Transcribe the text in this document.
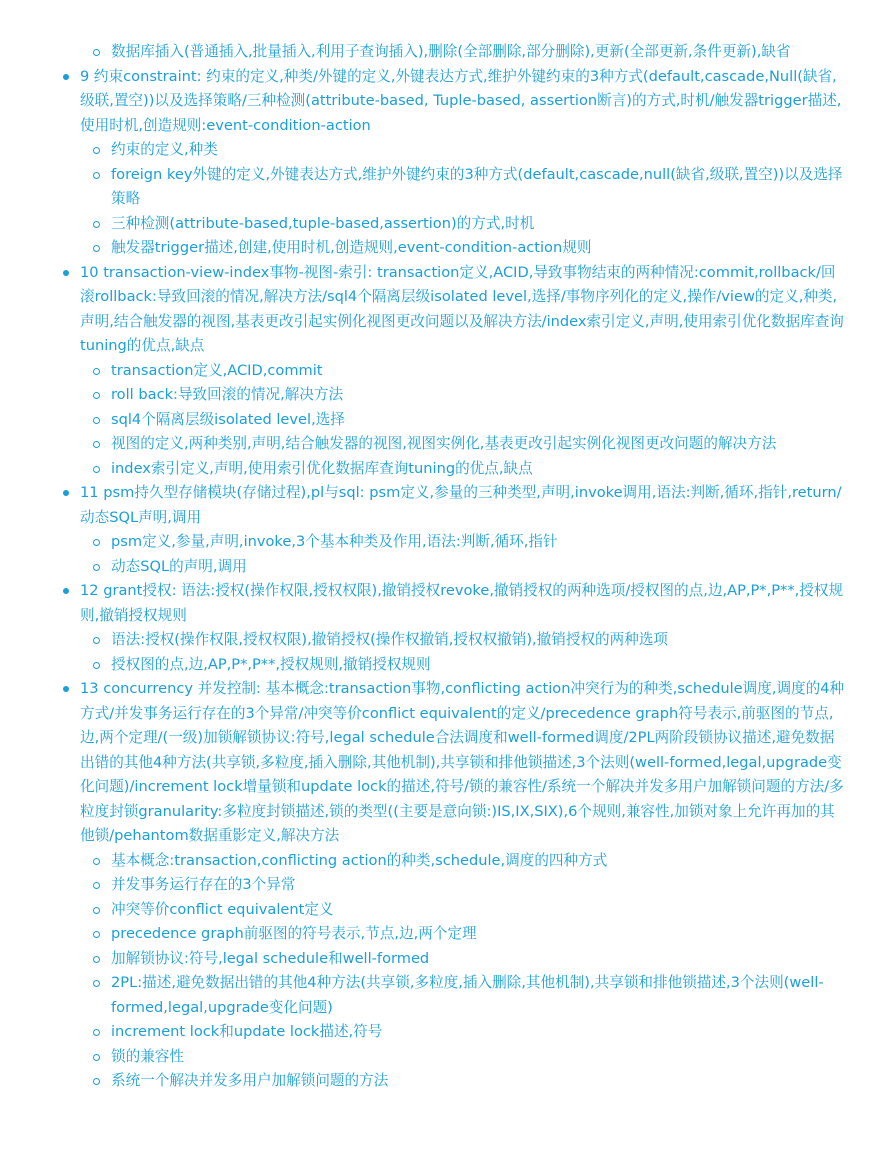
数据库插入(普通插入,批量插入,利用子查询插入),删除(全部删除,部分删除),更新(全部更新,条件更新),缺省
9 约束constraint: 约束的定义,种类/外键的定义,外键表达方式,维护外键约束的3种方式(default,cascade,Null(缺省,级联,置空))以及选择策略/三种检测(attribute-based, Tuple-based, assertion断言)的方式,时机/触发器trigger描述,使用时机,创造规则:event-condition-action
约束的定义,种类
foreign key外键的定义,外键表达方式,维护外键约束的3种方式(default,cascade,null(缺省,级联,置空))以及选择策略
三种检测(attribute-based,tuple-based,assertion)的方式,时机
触发器trigger描述,创建,使用时机,创造规则,event-condition-action规则
10 transaction-view-index事物-视图-索引: transaction定义,ACID,导致事物结束的两种情况:commit,rollback/回滚rollback:导致回滚的情况,解决方法/sql4个隔离层级isolated level,选择/事物序列化的定义,操作/view的定义,种类,声明,结合触发器的视图,基表更改引起实例化视图更改问题以及解决方法/index索引定义,声明,使用索引优化数据库查询tuning的优点,缺点
transaction定义,ACID,commit
roll back:导致回滚的情况,解决方法
sql4个隔离层级isolated level,选择
视图的定义,两种类别,声明,结合触发器的视图,视图实例化,基表更改引起实例化视图更改问题的解决方法
index索引定义,声明,使用索引优化数据库查询tuning的优点,缺点
11 psm持久型存储模块(存储过程),pl与sql: psm定义,参量的三种类型,声明,invoke调用,语法:判断,循环,指针,return/动态SQL声明,调用
psm定义,参量,声明,invoke,3个基本种类及作用,语法:判断,循环,指针
动态SQL的声明,调用
12 grant授权: 语法:授权(操作权限,授权权限),撤销授权revoke,撤销授权的两种选项/授权图的点,边,AP,P*,P**,授权规则,撤销授权规则
语法:授权(操作权限,授权权限),撤销授权(操作权撤销,授权权撤销),撤销授权的两种选项
授权图的点,边,AP,P*,P**,授权规则,撤销授权规则
13 concurrency 并发控制: 基本概念:transaction事物,conflicting action冲突行为的种类,schedule调度,调度的4种方式/并发事务运行存在的3个异常/冲突等价conflict equivalent的定义/precedence graph符号表示,前驱图的节点,边,两个定理/(一级)加锁解锁协议:符号,legal schedule合法调度和well-formed调度/2PL两阶段锁协议描述,避免数据出错的其他4种方法(共享锁,多粒度,插入删除,其他机制),共享锁和排他锁描述,3个法则(well-formed,legal,upgrade变化问题)/increment lock增量锁和update lock的描述,符号/锁的兼容性/系统一个解决并发多用户加解锁问题的方法/多粒度封锁granularity:多粒度封锁描述,锁的类型((主要是意向锁:)IS,IX,SIX),6个规则,兼容性,加锁对象上允许再加的其他锁/pehantom数据重影定义,解决方法
基本概念:transaction,conflicting action的种类,schedule,调度的四种方式
并发事务运行存在的3个异常
冲突等价conflict equivalent定义
precedence graph前驱图的符号表示,节点,边,两个定理
加解锁协议:符号,legal schedule和well-formed
2PL:描述,避免数据出错的其他4种方法(共享锁,多粒度,插入删除,其他机制),共享锁和排他锁描述,3个法则(well-formed,legal,upgrade变化问题)
increment lock和update lock描述,符号
锁的兼容性
系统一个解决并发多用户加解锁问题的方法
